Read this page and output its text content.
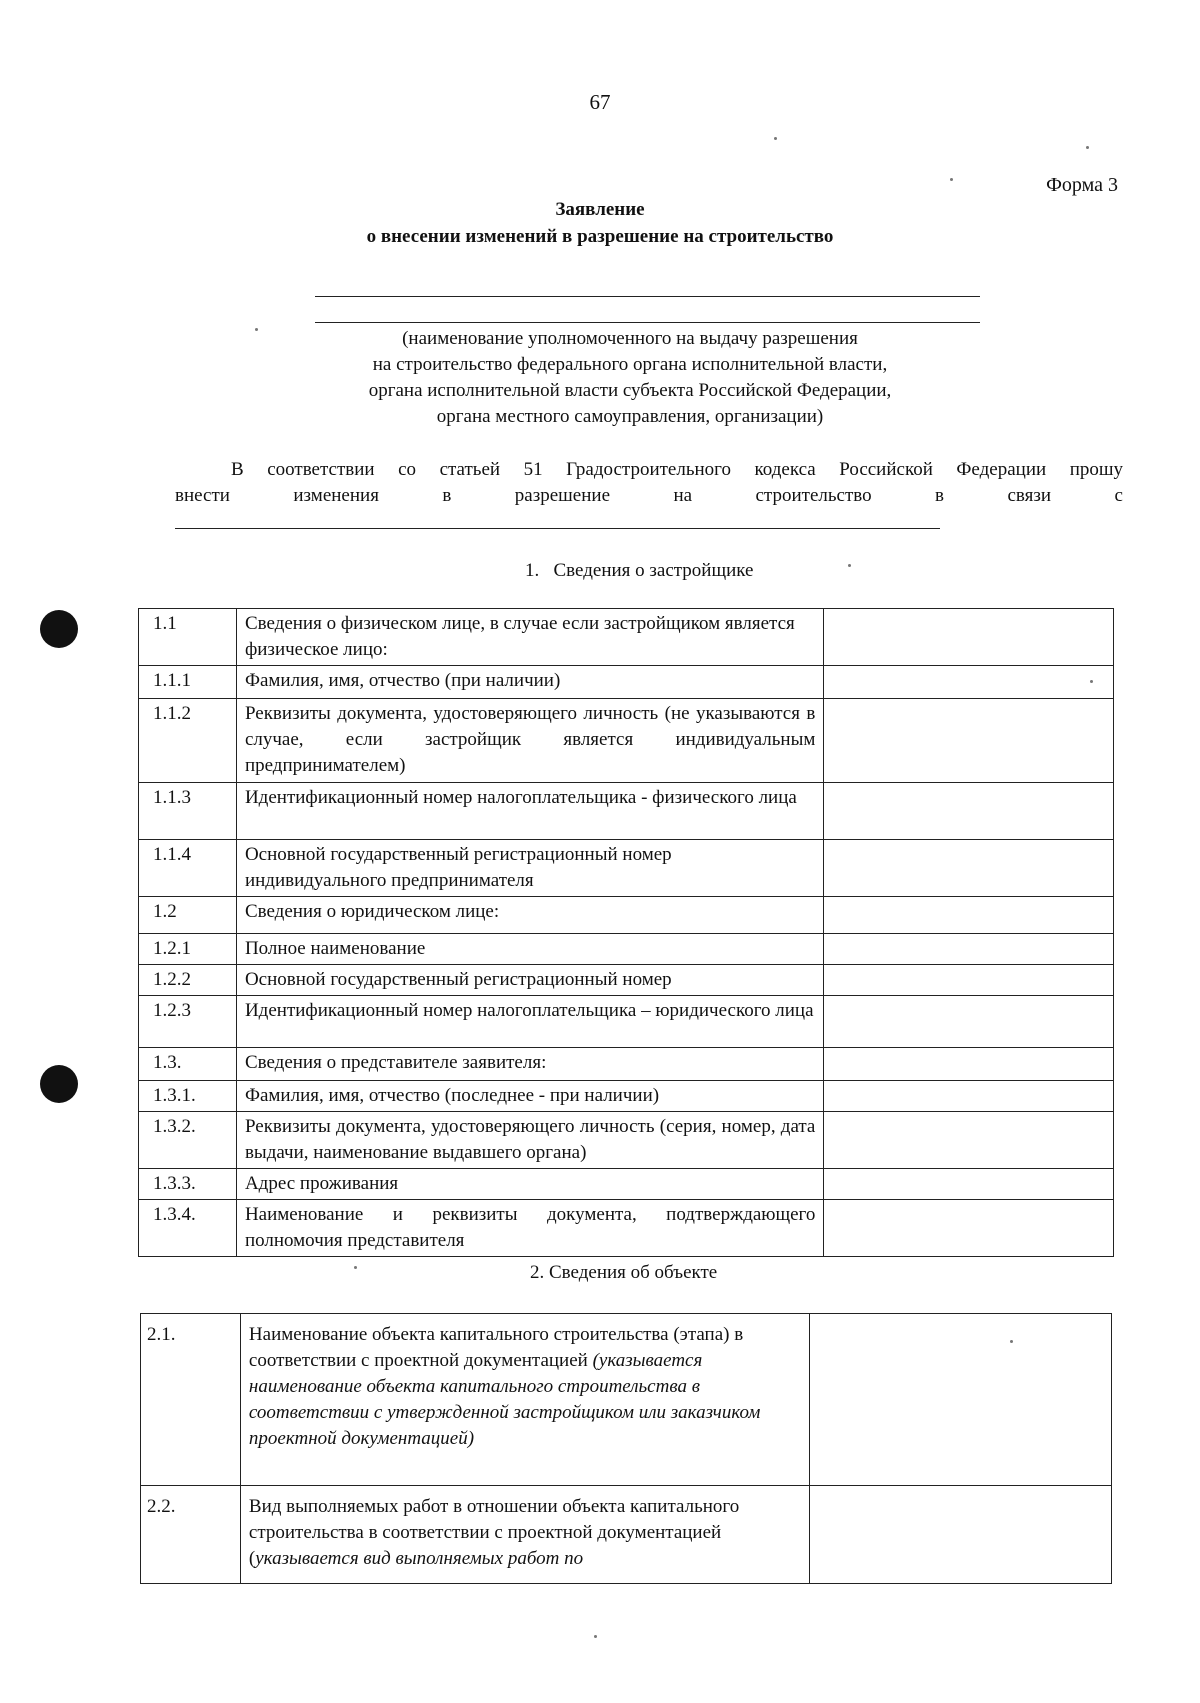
67
Форма 3
Заявление
о внесении изменений в разрешение на строительство
(наименование уполномоченного на выдачу разрешения
на строительство федерального органа исполнительной власти,
органа исполнительной власти субъекта Российской Федерации,
органа местного самоуправления, организации)
В соответствии со статьей 51 Градостроительного кодекса Российской Федерации прошу
внести	изменения	в	разрешение	на	строительство	в	связи	с
1.   Сведения о застройщике
1.1	Сведения о физическом лице, в случае если застройщиком является физическое лицо:	
1.1.1	Фамилия, имя, отчество (при наличии)	
1.1.2	Реквизиты документа, удостоверяющего личность (не указываются в случае, если застройщик является индивидуальным предпринимателем)	
1.1.3	Идентификационный номер налогоплательщика - физического лица	
1.1.4	Основной государственный регистрационный номер индивидуального предпринимателя	
1.2	Сведения о юридическом лице:	
1.2.1	Полное наименование	
1.2.2	Основной государственный регистрационный номер	
1.2.3	Идентификационный номер налогоплательщика – юридического лица	
1.3.	Сведения о представителе заявителя:	
1.3.1.	Фамилия, имя, отчество (последнее - при наличии)	
1.3.2.	Реквизиты документа, удостоверяющего личность (серия, номер, дата выдачи, наименование выдавшего органа)	
1.3.3.	Адрес проживания	
1.3.4.	Наименование и реквизиты документа, подтверждающего полномочия представителя	
2. Сведения об объекте
2.1.	Наименование объекта капитального строительства (этапа) в соответствии с проектной документацией (указывается наименование объекта капитального строительства в соответствии с утвержденной застройщиком или заказчиком проектной документацией)	
2.2.	Вид выполняемых работ в отношении объекта капитального строительства в соответствии с проектной документацией (указывается вид выполняемых работ по	
